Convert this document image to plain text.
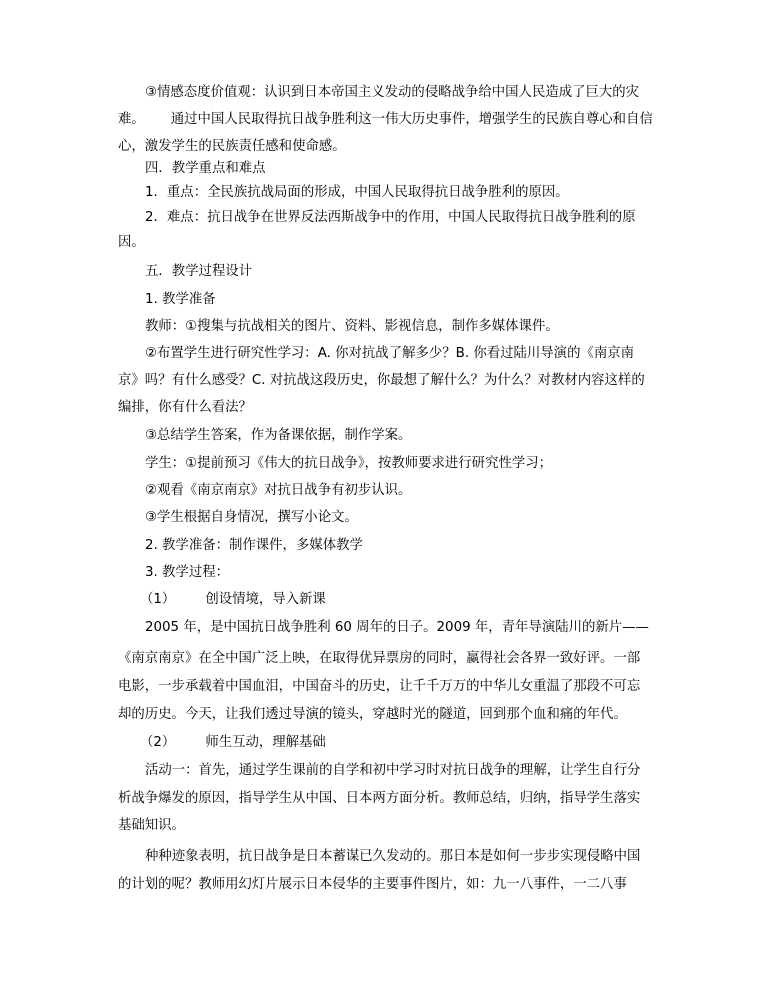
③情感态度价值观：认识到日本帝国主义发动的侵略战争给中国人民造成了巨大的灾
难。 通过中国人民取得抗日战争胜利这一伟大历史事件，增强学生的民族自尊心和自信
心，激发学生的民族责任感和使命感。
四．教学重点和难点
1．重点：全民族抗战局面的形成，中国人民取得抗日战争胜利的原因。
2．难点：抗日战争在世界反法西斯战争中的作用，中国人民取得抗日战争胜利的原
因。
五．教学过程设计
1. 教学准备
教师：①搜集与抗战相关的图片、资料、影视信息，制作多媒体课件。
②布置学生进行研究性学习：A. 你对抗战了解多少？B. 你看过陆川导演的《南京南
京》吗？有什么感受？C. 对抗战这段历史，你最想了解什么？为什么？对教材内容这样的
编排，你有什么看法？
③总结学生答案，作为备课依据，制作学案。
学生：①提前预习《伟大的抗日战争》，按教师要求进行研究性学习；
②观看《南京南京》对抗日战争有初步认识。
③学生根据自身情况，撰写小论文。
2. 教学准备：制作课件，多媒体教学
3. 教学过程：
（1） 创设情境，导入新课
2005 年，是中国抗日战争胜利 60 周年的日子。2009 年，青年导演陆川的新片——
《南京南京》在全中国广泛上映，在取得优异票房的同时，赢得社会各界一致好评。一部
电影，一步承载着中国血泪，中国奋斗的历史，让千千万万的中华儿女重温了那段不可忘
却的历史。今天，让我们透过导演的镜头，穿越时光的隧道，回到那个血和痛的年代。
（2） 师生互动，理解基础
活动一：首先，通过学生课前的自学和初中学习时对抗日战争的理解，让学生自行分
析战争爆发的原因，指导学生从中国、日本两方面分析。教师总结，归纳，指导学生落实
基础知识。
种种迹象表明，抗日战争是日本蓄谋已久发动的。那日本是如何一步步实现侵略中国
的计划的呢？教师用幻灯片展示日本侵华的主要事件图片，如：九一八事件，一二八事
